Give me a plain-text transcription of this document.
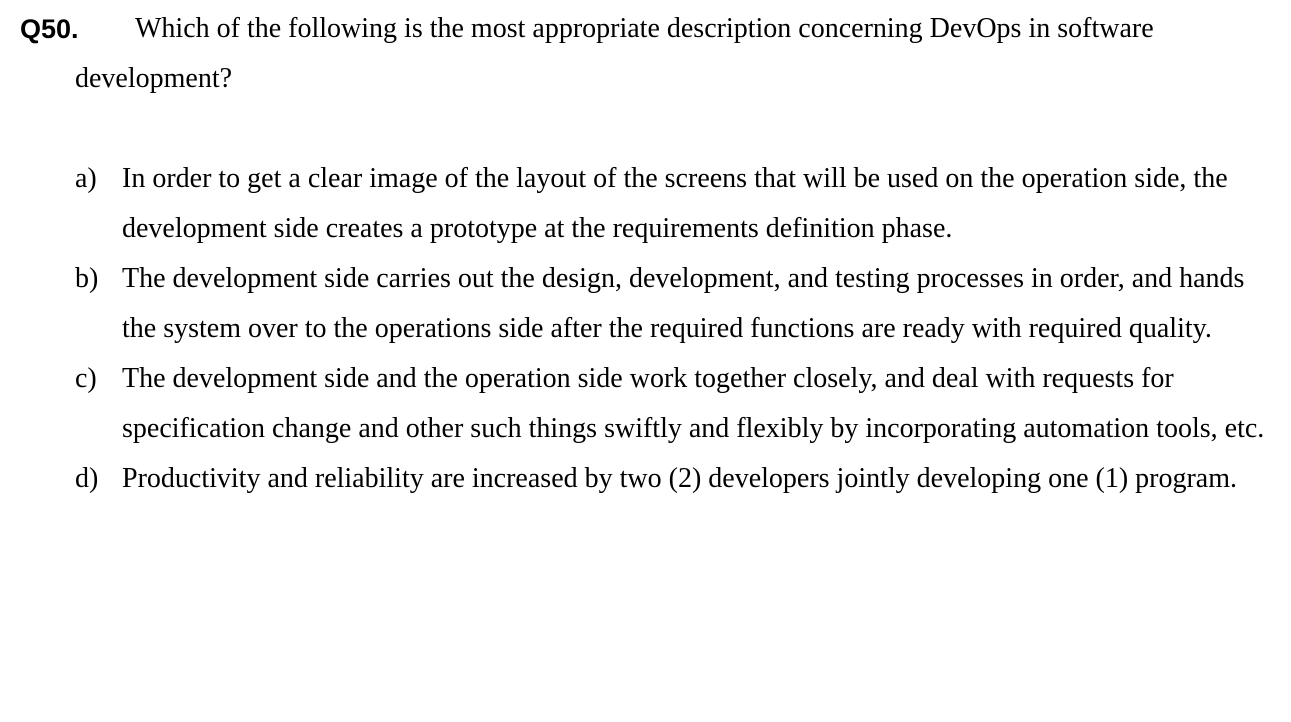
Q50.	Which of the following is the most appropriate description concerning DevOps in software development?
a) In order to get a clear image of the layout of the screens that will be used on the operation side, the development side creates a prototype at the requirements definition phase.
b) The development side carries out the design, development, and testing processes in order, and hands the system over to the operations side after the required functions are ready with required quality.
c) The development side and the operation side work together closely, and deal with requests for specification change and other such things swiftly and flexibly by incorporating automation tools, etc.
d) Productivity and reliability are increased by two (2) developers jointly developing one (1) program.
